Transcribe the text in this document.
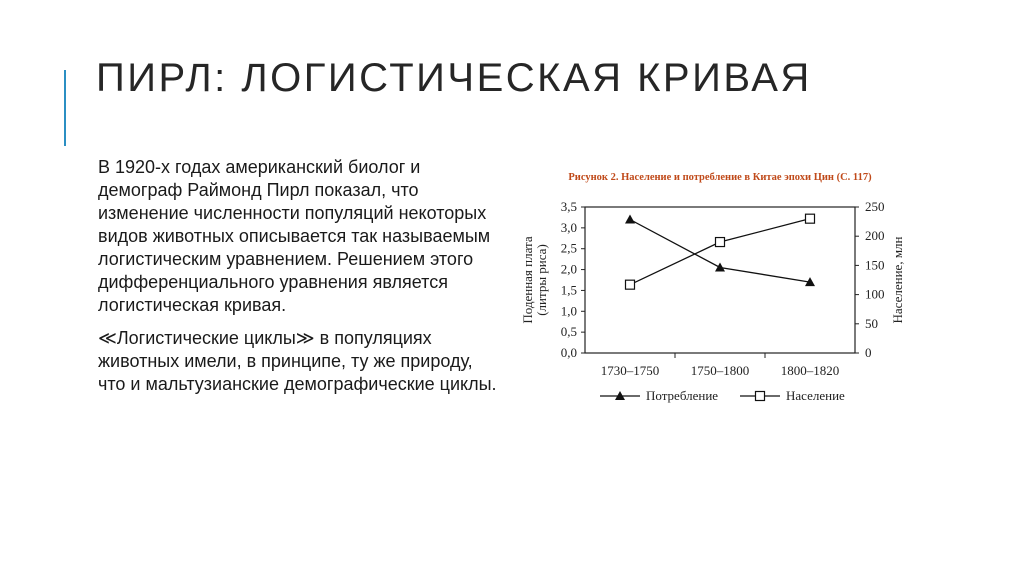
ПИРЛ: ЛОГИСТИЧЕСКАЯ КРИВАЯ

В 1920-х годах американский биолог и демограф Раймонд Пирл показал, что изменение численности популяций некоторых видов животных описывается так называемым логистическим уравнением. Решением этого дифференциального уравнения является логистическая кривая.

≪Логистические циклы≫ в популяциях животных имели, в принципе, ту же природу, что и мальтузианские демографические циклы.

Рисунок 2. Население и потребление в Китае эпохи Цин (С. 117)
0,0
0,5
1,0
1,5
2,0
2,5
3,0
3,5
0
50
100
150
200
250
1730–1750 1750–1800 1800–1820
Поденная плата(литры риса)	Население, млн
Потребление	Население
